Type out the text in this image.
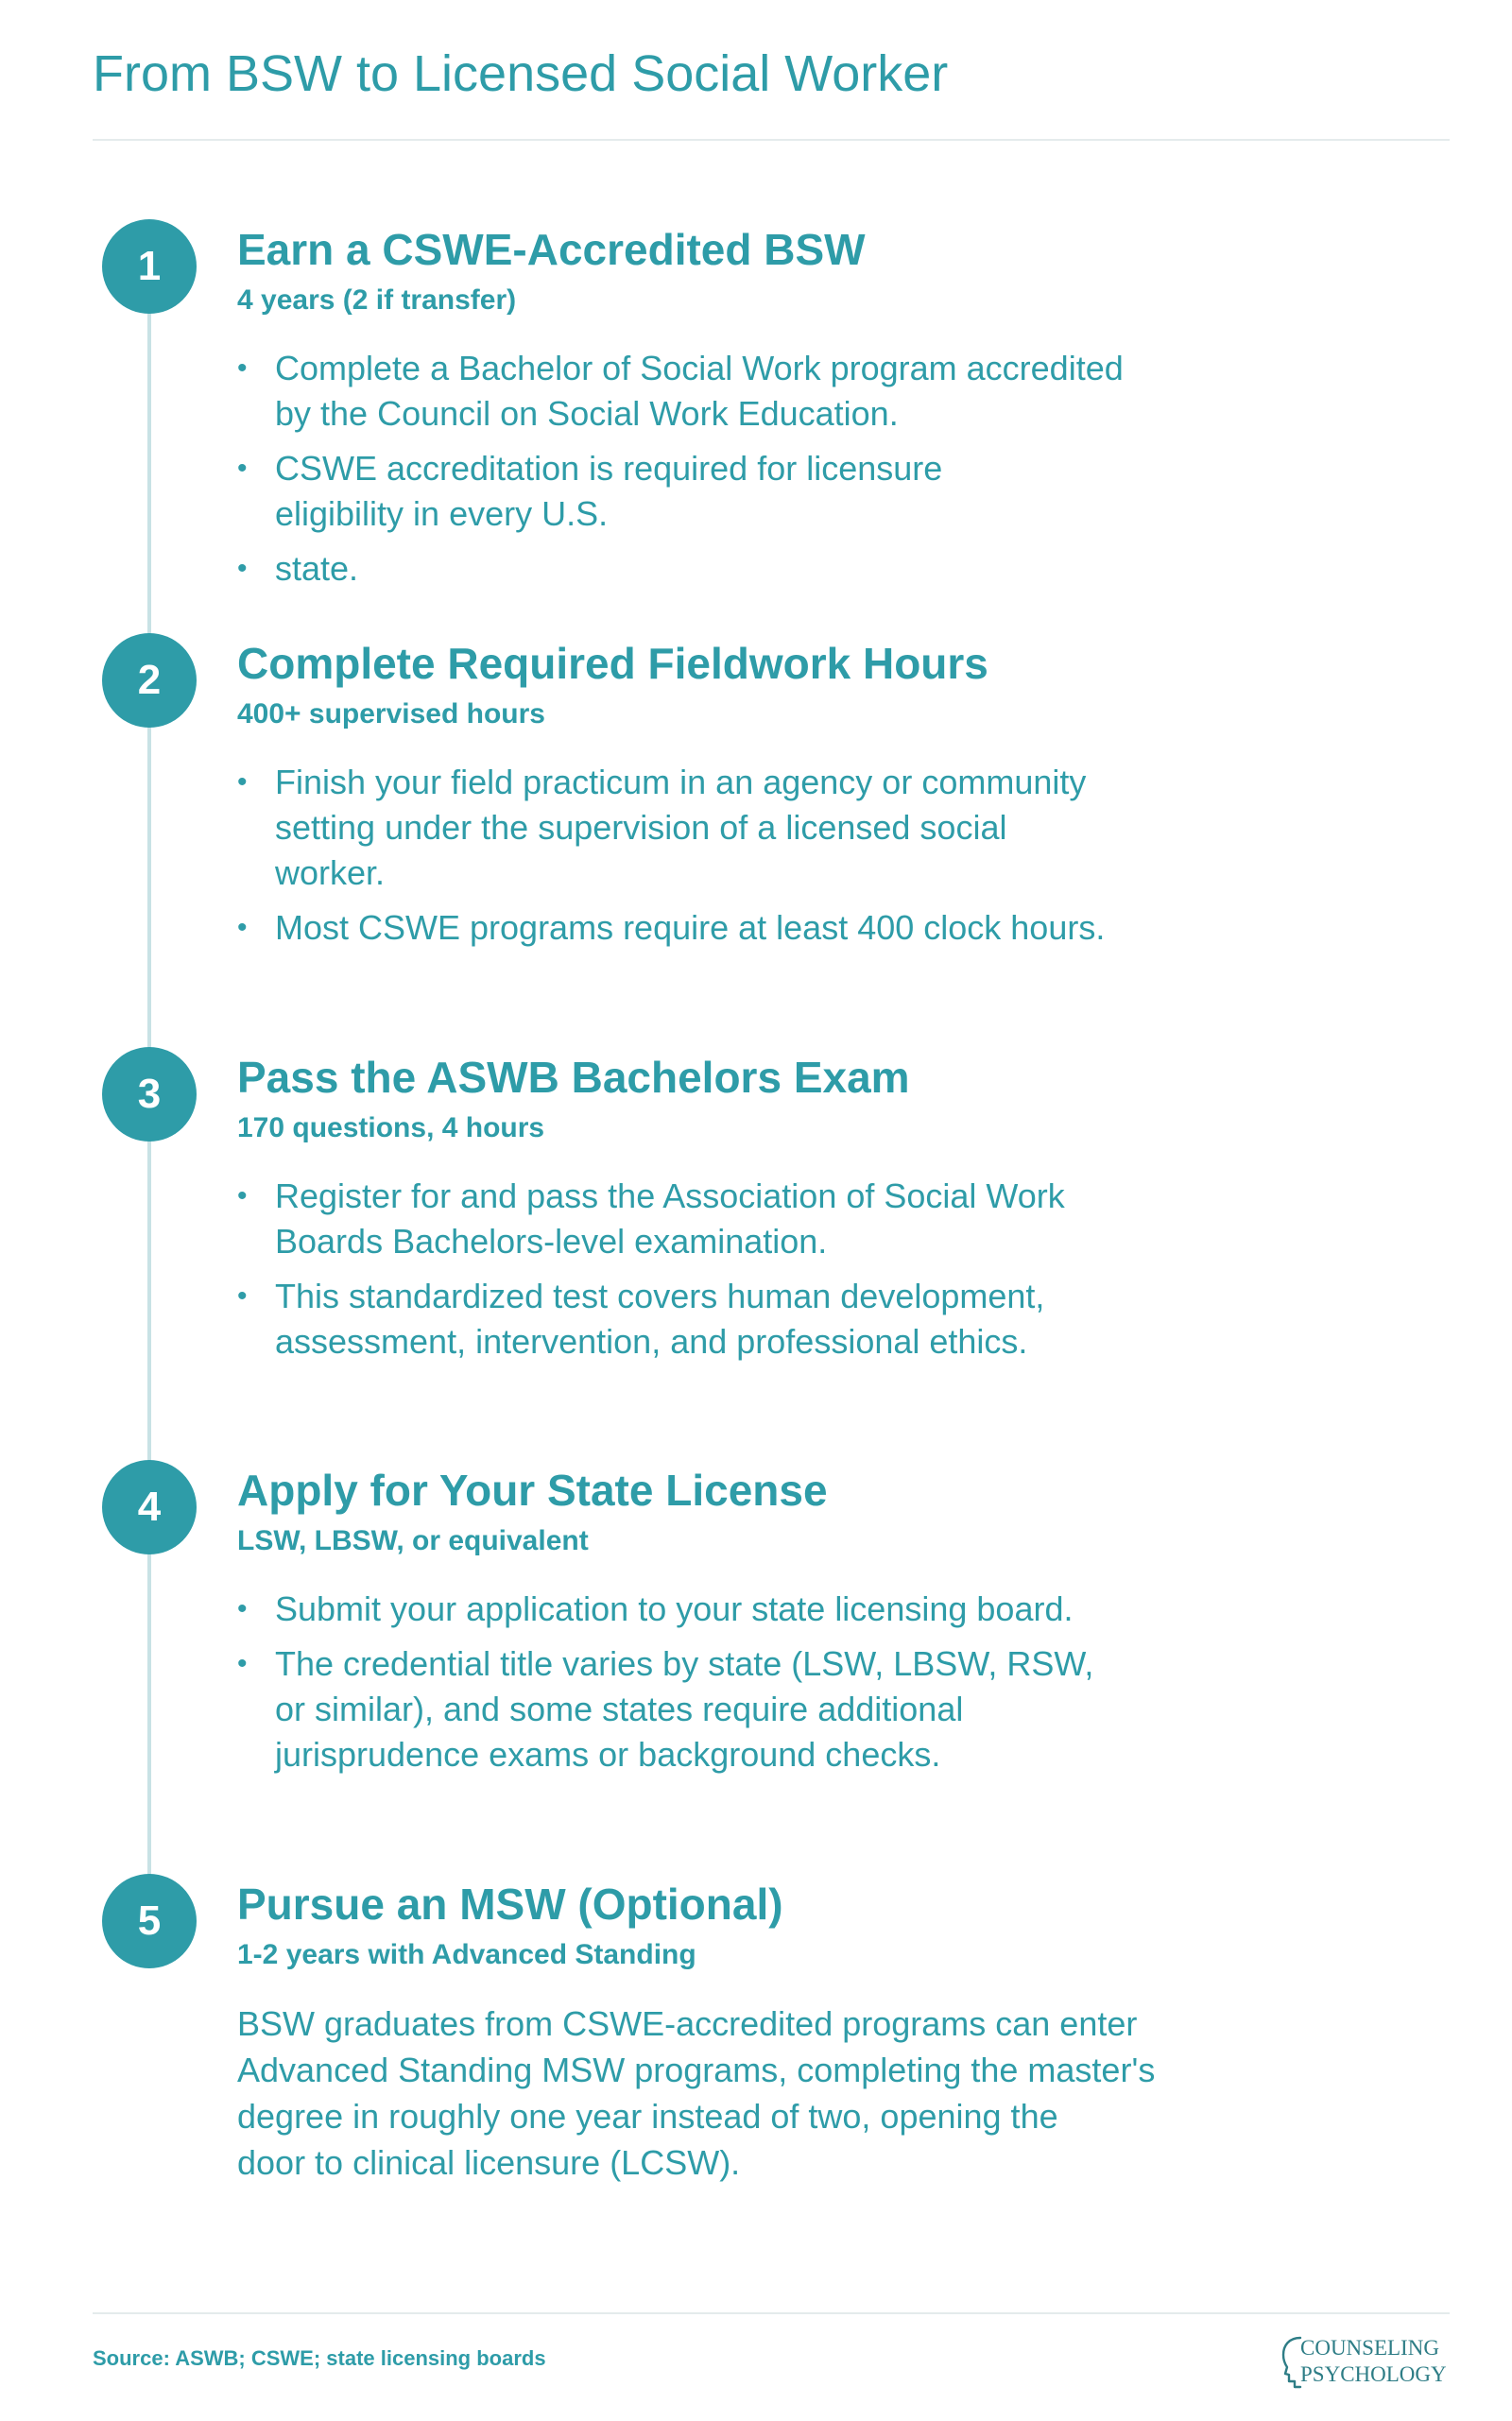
From BSW to Licensed Social Worker
1	Earn a CSWE-Accredited BSW
4 years (2 if transfer)
• Complete a Bachelor of Social Work program accredited
by the Council on Social Work Education.
• CSWE accreditation is required for licensure
eligibility in every U.S.
• state.
2	Complete Required Fieldwork Hours
400+ supervised hours
• Finish your field practicum in an agency or community
setting under the supervision of a licensed social
worker.
• Most CSWE programs require at least 400 clock hours.
3	Pass the ASWB Bachelors Exam
170 questions, 4 hours
• Register for and pass the Association of Social Work
Boards Bachelors-level examination.
• This standardized test covers human development,
assessment, intervention, and professional ethics.
4	Apply for Your State License
LSW, LBSW, or equivalent
• Submit your application to your state licensing board.
• The credential title varies by state (LSW, LBSW, RSW,
or similar), and some states require additional
jurisprudence exams or background checks.
5	Pursue an MSW (Optional)
1-2 years with Advanced Standing

BSW graduates from CSWE-accredited programs can enter
Advanced Standing MSW programs, completing the master's
degree in roughly one year instead of two, opening the
door to clinical licensure (LCSW).

Source: ASWB; CSWE; state licensing boards	COUNSELING
PSYCHOLOGY
